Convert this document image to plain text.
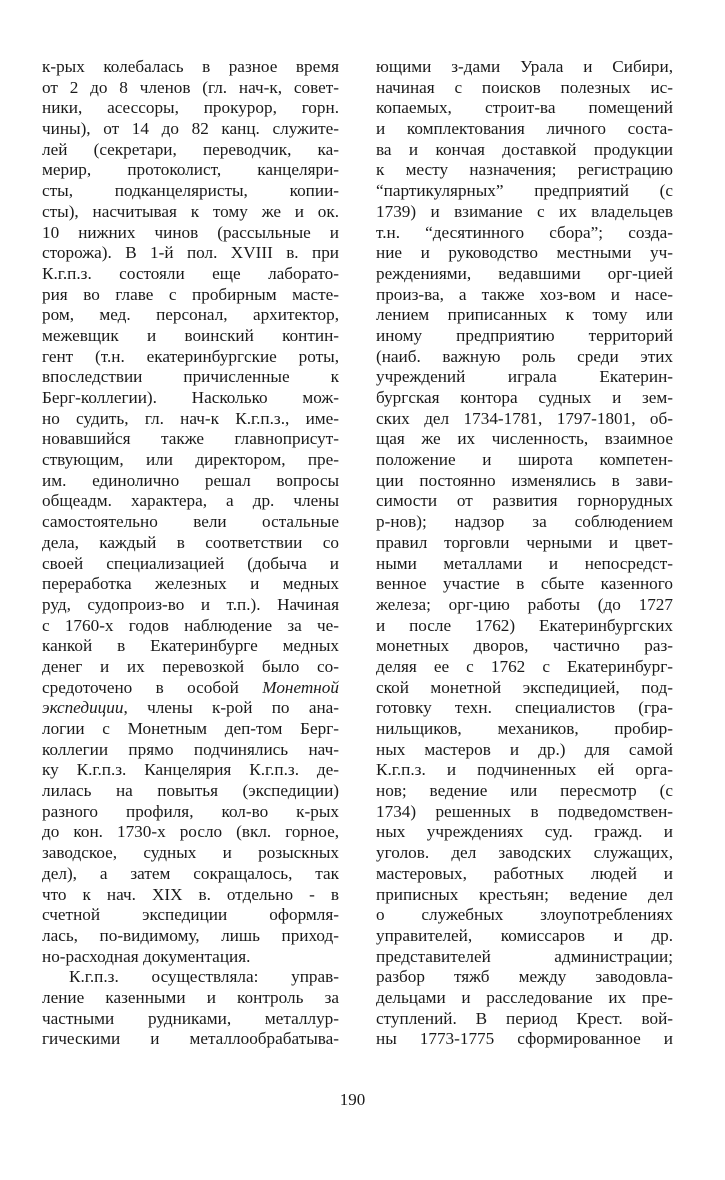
к-рых колебалась в разное время
от 2 до 8 членов (гл. нач-к, совет-
ники, асессоры, прокурор, горн.
чины), от 14 до 82 канц. служите-
лей (секретари, переводчик, ка-
мерир, протоколист, канцеляри-
сты, подканцеляристы, копии-
сты), насчитывая к тому же и ок.
10 нижних чинов (рассыльные и
сторожа). В 1-й пол. XVIII в. при
К.г.п.з. состояли еще лаборато-
рия во главе с пробирным масте-
ром, мед. персонал, архитектор,
межевщик и воинский контин-
гент (т.н. екатеринбургские роты,
впоследствии причисленные к
Берг-коллегии). Насколько мож-
но судить, гл. нач-к К.г.п.з., име-
новавшийся также главноприсут-
ствующим, или директором, пре-
им. единолично решал вопросы
общеадм. характера, а др. члены
самостоятельно вели остальные
дела, каждый в соответствии со
своей специализацией (добыча и
переработка железных и медных
руд, судопроиз-во и т.п.). Начиная
с 1760-х годов наблюдение за че-
канкой в Екатеринбурге медных
денег и их перевозкой было со-
средоточено в особой Монетной
экспедиции, члены к-рой по ана-
логии с Монетным деп-том Берг-
коллегии прямо подчинялись нач-
ку К.г.п.з. Канцелярия К.г.п.з. де-
лилась на повытья (экспедиции)
разного профиля, кол-во к-рых
до кон. 1730-х росло (вкл. горное,
заводское, судных и розыскных
дел), а затем сокращалось, так
что к нач. XIX в. отдельно - в
счетной экспедиции оформля-
лась, по-видимому, лишь приход-
но-расходная документация.
К.г.п.з. осуществляла: управ-
ление казенными и контроль за
частными рудниками, металлур-
гическими и металлообрабатыва-
ющими з-дами Урала и Сибири,
начиная с поисков полезных ис-
копаемых, строит-ва помещений
и комплектования личного соста-
ва и кончая доставкой продукции
к месту назначения; регистрацию
“партикулярных” предприятий (с
1739) и взимание с их владельцев
т.н. “десятинного сбора”; созда-
ние и руководство местными уч-
реждениями, ведавшими орг-цией
произ-ва, а также хоз-вом и насе-
лением приписанных к тому или
иному предприятию территорий
(наиб. важную роль среди этих
учреждений играла Екатерин-
бургская контора судных и зем-
ских дел 1734-1781, 1797-1801, об-
щая же их численность, взаимное
положение и широта компетен-
ции постоянно изменялись в зави-
симости от развития горнорудных
р-нов); надзор за соблюдением
правил торговли черными и цвет-
ными металлами и непосредст-
венное участие в сбыте казенного
железа; орг-цию работы (до 1727
и после 1762) Екатеринбургских
монетных дворов, частично раз-
деляя ее с 1762 с Екатеринбург-
ской монетной экспедицией, под-
готовку техн. специалистов (гра-
нильщиков, механиков, пробир-
ных мастеров и др.) для самой
К.г.п.з. и подчиненных ей орга-
нов; ведение или пересмотр (с
1734) решенных в подведомствен-
ных учреждениях суд. гражд. и
уголов. дел заводских служащих,
мастеровых, работных людей и
приписных крестьян; ведение дел
о служебных злоупотреблениях
управителей, комиссаров и др.
представителей администрации;
разбор тяжб между заводовла-
дельцами и расследование их пре-
ступлений. В период Крест. вой-
ны 1773-1775 сформированное и
190
